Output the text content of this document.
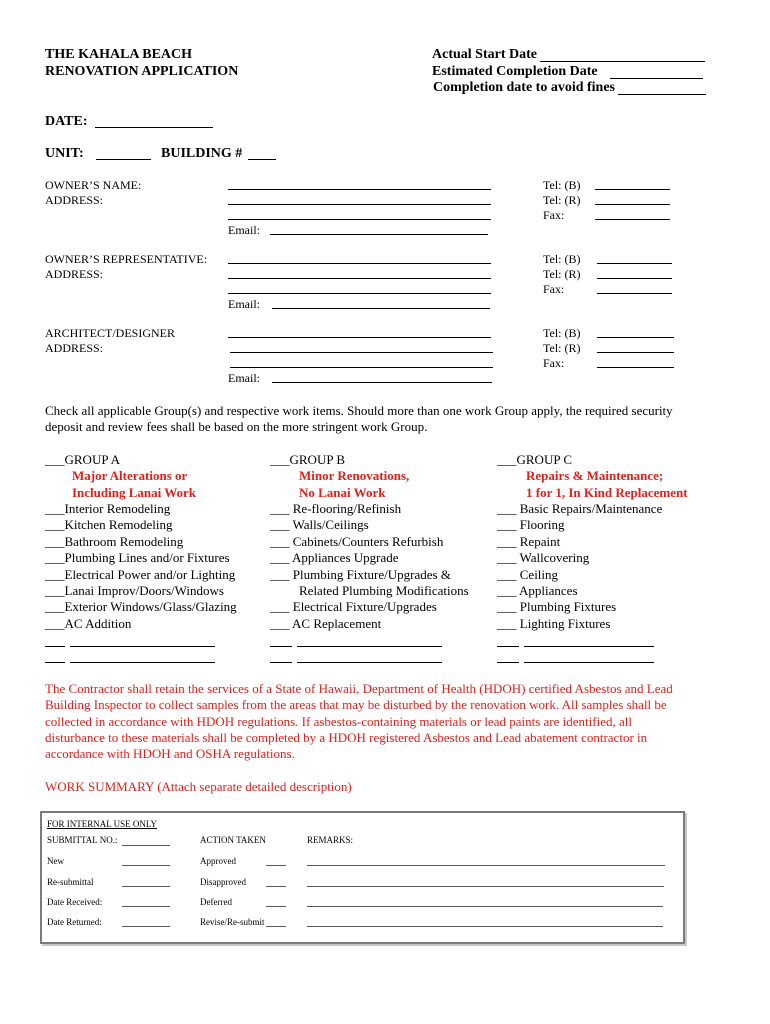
THE KAHALA BEACH
RENOVATION APPLICATION
Actual Start Date
Estimated Completion Date
Completion date to avoid fines
DATE:
UNIT:	BUILDING #
OWNER’S NAME:
ADDRESS:
Email:
Tel: (B)
Tel: (R)
Fax:
OWNER’S REPRESENTATIVE:
ADDRESS:
Email:
Tel: (B)
Tel: (R)
Fax:
ARCHITECT/DESIGNER
ADDRESS:
Email:
Tel: (B)
Tel: (R)
Fax:
Check all applicable Group(s) and respective work items. Should more than one work Group apply, the required security
deposit and review fees shall be based on the more stringent work Group.
___GROUP A
Major Alterations or
Including Lanai Work
___Interior Remodeling
___Kitchen Remodeling
___Bathroom Remodeling
___Plumbing Lines and/or Fixtures
___Electrical Power and/or Lighting
___Lanai Improv/Doors/Windows
___Exterior Windows/Glass/Glazing
___AC Addition
___GROUP B
Minor Renovations,
No Lanai Work
___ Re-flooring/Refinish
___ Walls/Ceilings
___ Cabinets/Counters Refurbish
___ Appliances Upgrade
___ Plumbing Fixture/Upgrades &
Related Plumbing Modifications
___ Electrical Fixture/Upgrades
___ AC Replacement
___GROUP C
Repairs & Maintenance;
1 for 1, In Kind Replacement
___ Basic Repairs/Maintenance
___ Flooring
___ Repaint
___ Wallcovering
___ Ceiling
___ Appliances
___ Plumbing Fixtures
___ Lighting Fixtures
The Contractor shall retain the services of a State of Hawaii, Department of Health (HDOH) certified Asbestos and Lead
Building Inspector to collect samples from the areas that may be disturbed by the renovation work. All samples shall be
collected in accordance with HDOH regulations. If asbestos-containing materials or lead paints are identified, all
disturbance to these materials shall be completed by a HDOH registered Asbestos and Lead abatement contractor in
accordance with HDOH and OSHA regulations.
WORK SUMMARY (Attach separate detailed description)
FOR INTERNAL USE ONLY
SUBMITTAL NO.:	ACTION TAKEN	REMARKS:
New	Approved
Re-submittal	Disapproved
Date Received:	Deferred
Date Returned:	Revise/Re-submit
